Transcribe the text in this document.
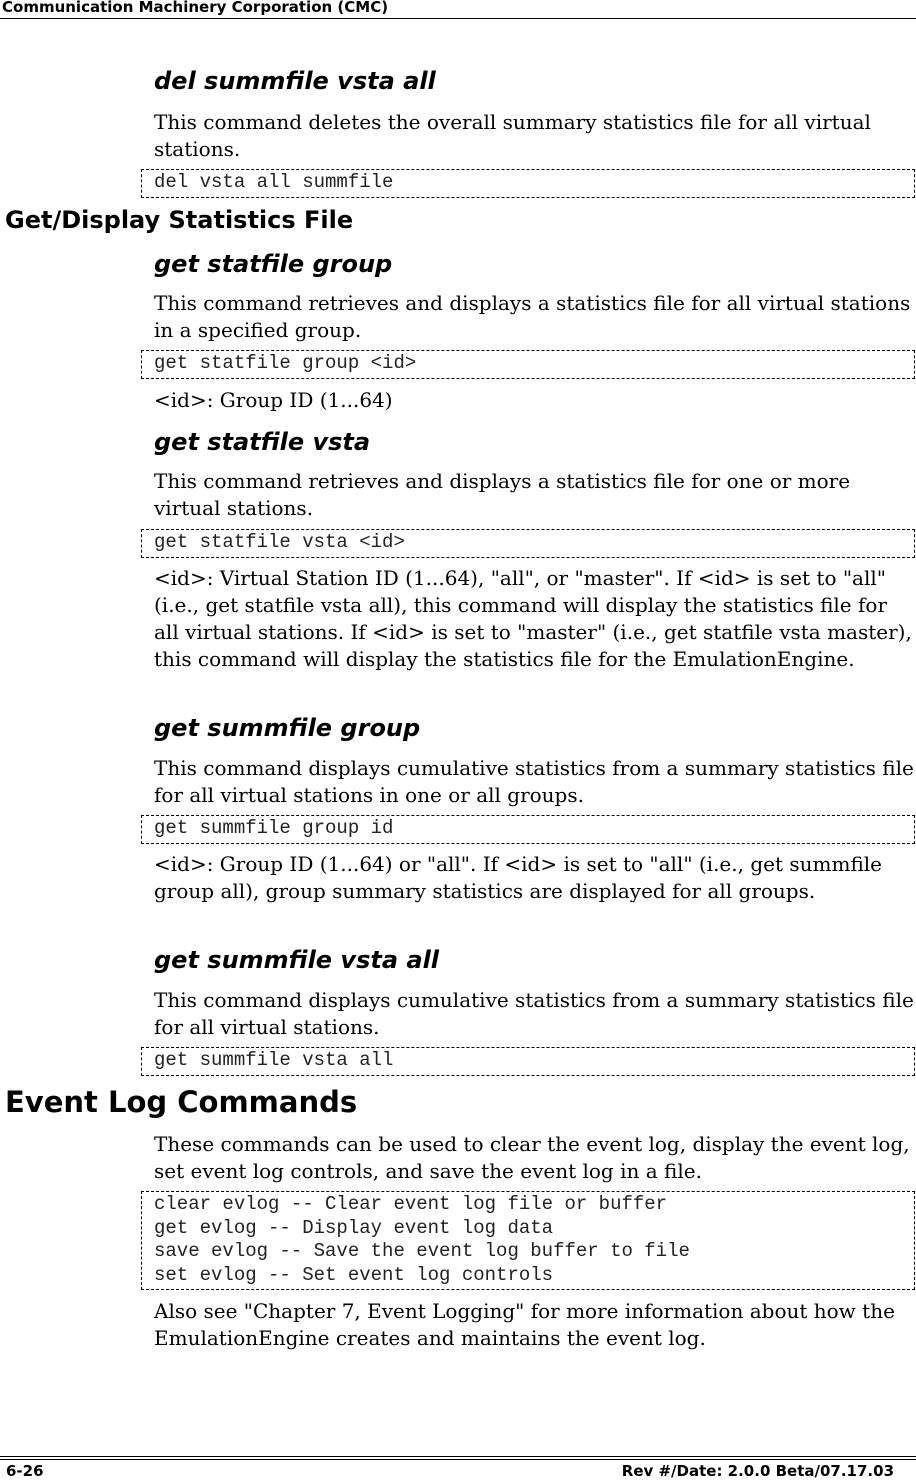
Communication Machinery Corporation (CMC)
del summfile vsta all

This command deletes the overall summary statistics file for all virtual stations.

del vsta all summfile
Get/Display Statistics File
get statfile group

This command retrieves and displays a statistics file for all virtual stations in a specified group.

get statfile group <id>

<id>: Group ID (1...64)

get statfile vsta

This command retrieves and displays a statistics file for one or more virtual stations.

get statfile vsta <id>

<id>: Virtual Station ID (1...64), "all", or "master". If <id> is set to "all" (i.e., get statfile vsta all), this command will display the statistics file for all virtual stations. If <id> is set to "master" (i.e., get statfile vsta master), this command will display the statistics file for the EmulationEngine.

get summfile group

This command displays cumulative statistics from a summary statistics file for all virtual stations in one or all groups.

get summfile group id

<id>: Group ID (1...64) or "all". If <id> is set to "all" (i.e., get summfile group all), group summary statistics are displayed for all groups.

get summfile vsta all

This command displays cumulative statistics from a summary statistics file for all virtual stations.

get summfile vsta all
Event Log Commands

These commands can be used to clear the event log, display the event log, set event log controls, and save the event log in a file.

clear evlog -- Clear event log file or buffer
get evlog -- Display event log data
save evlog -- Save the event log buffer to file
set evlog -- Set event log controls

Also see "Chapter 7, Event Logging" for more information about how the EmulationEngine creates and maintains the event log.

6-26	Rev #/Date: 2.0.0 Beta/07.17.03
